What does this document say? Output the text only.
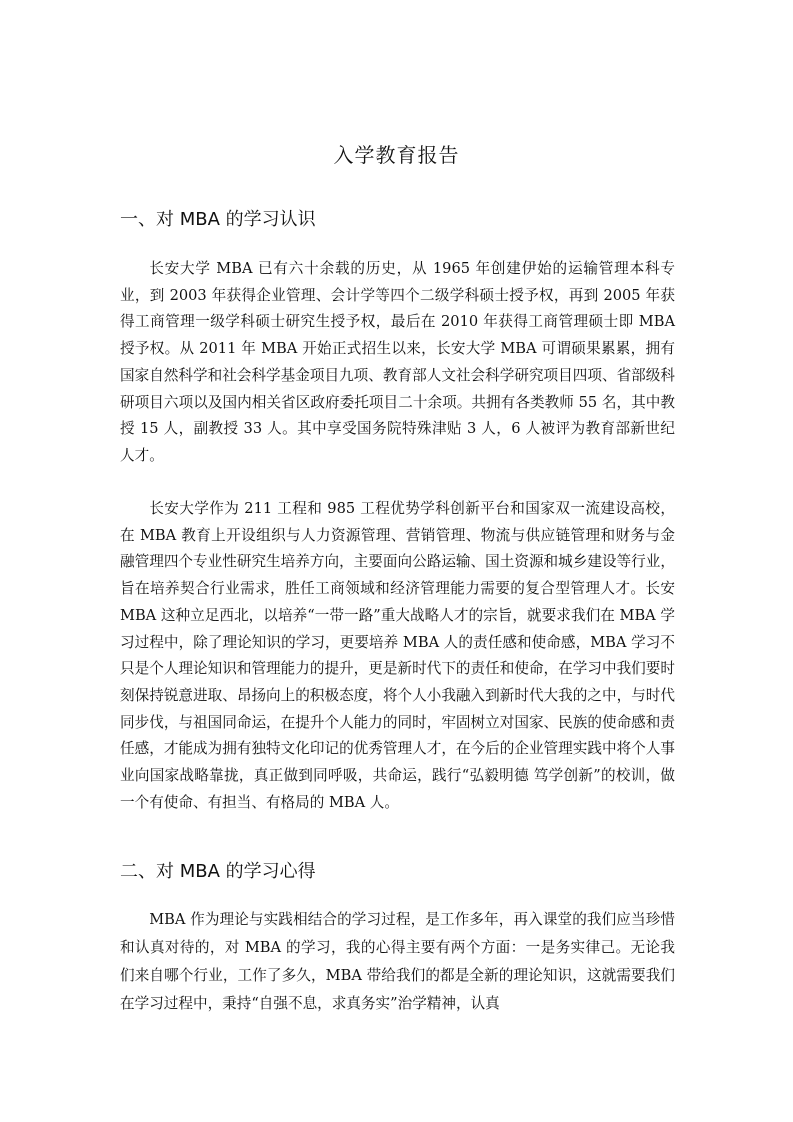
入学教育报告
一、对 MBA 的学习认识

长安大学 MBA 已有六十余载的历史，从 1965 年创建伊始的运输管理本科专业，到 2003 年获得企业管理、会计学等四个二级学科硕士授予权，再到 2005 年获得工商管理一级学科硕士研究生授予权，最后在 2010 年获得工商管理硕士即 MBA 授予权。从 2011 年 MBA 开始正式招生以来，长安大学 MBA 可谓硕果累累，拥有国家自然科学和社会科学基金项目九项、教育部人文社会科学研究项目四项、省部级科研项目六项以及国内相关省区政府委托项目二十余项。共拥有各类教师 55 名，其中教授 15 人，副教授 33 人。其中享受国务院特殊津贴 3 人，6 人被评为教育部新世纪人才。

长安大学作为 211 工程和 985 工程优势学科创新平台和国家双一流建设高校，在 MBA 教育上开设组织与人力资源管理、营销管理、物流与供应链管理和财务与金融管理四个专业性研究生培养方向，主要面向公路运输、国土资源和城乡建设等行业，旨在培养契合行业需求，胜任工商领域和经济管理能力需要的复合型管理人才。长安 MBA 这种立足西北，以培养“一带一路”重大战略人才的宗旨，就要求我们在 MBA 学习过程中，除了理论知识的学习，更要培养 MBA 人的责任感和使命感，MBA 学习不只是个人理论知识和管理能力的提升，更是新时代下的责任和使命，在学习中我们要时刻保持锐意进取、昂扬向上的积极态度，将个人小我融入到新时代大我的之中，与时代同步伐，与祖国同命运，在提升个人能力的同时，牢固树立对国家、民族的使命感和责任感，才能成为拥有独特文化印记的优秀管理人才，在今后的企业管理实践中将个人事业向国家战略靠拢，真正做到同呼吸，共命运，践行“弘毅明德 笃学创新”的校训，做一个有使命、有担当、有格局的 MBA 人。

二、对 MBA 的学习心得

MBA 作为理论与实践相结合的学习过程，是工作多年，再入课堂的我们应当珍惜和认真对待的，对 MBA 的学习，我的心得主要有两个方面：一是务实律己。无论我们来自哪个行业，工作了多久，MBA 带给我们的都是全新的理论知识，这就需要我们在学习过程中，秉持“自强不息，求真务实”治学精神，认真
